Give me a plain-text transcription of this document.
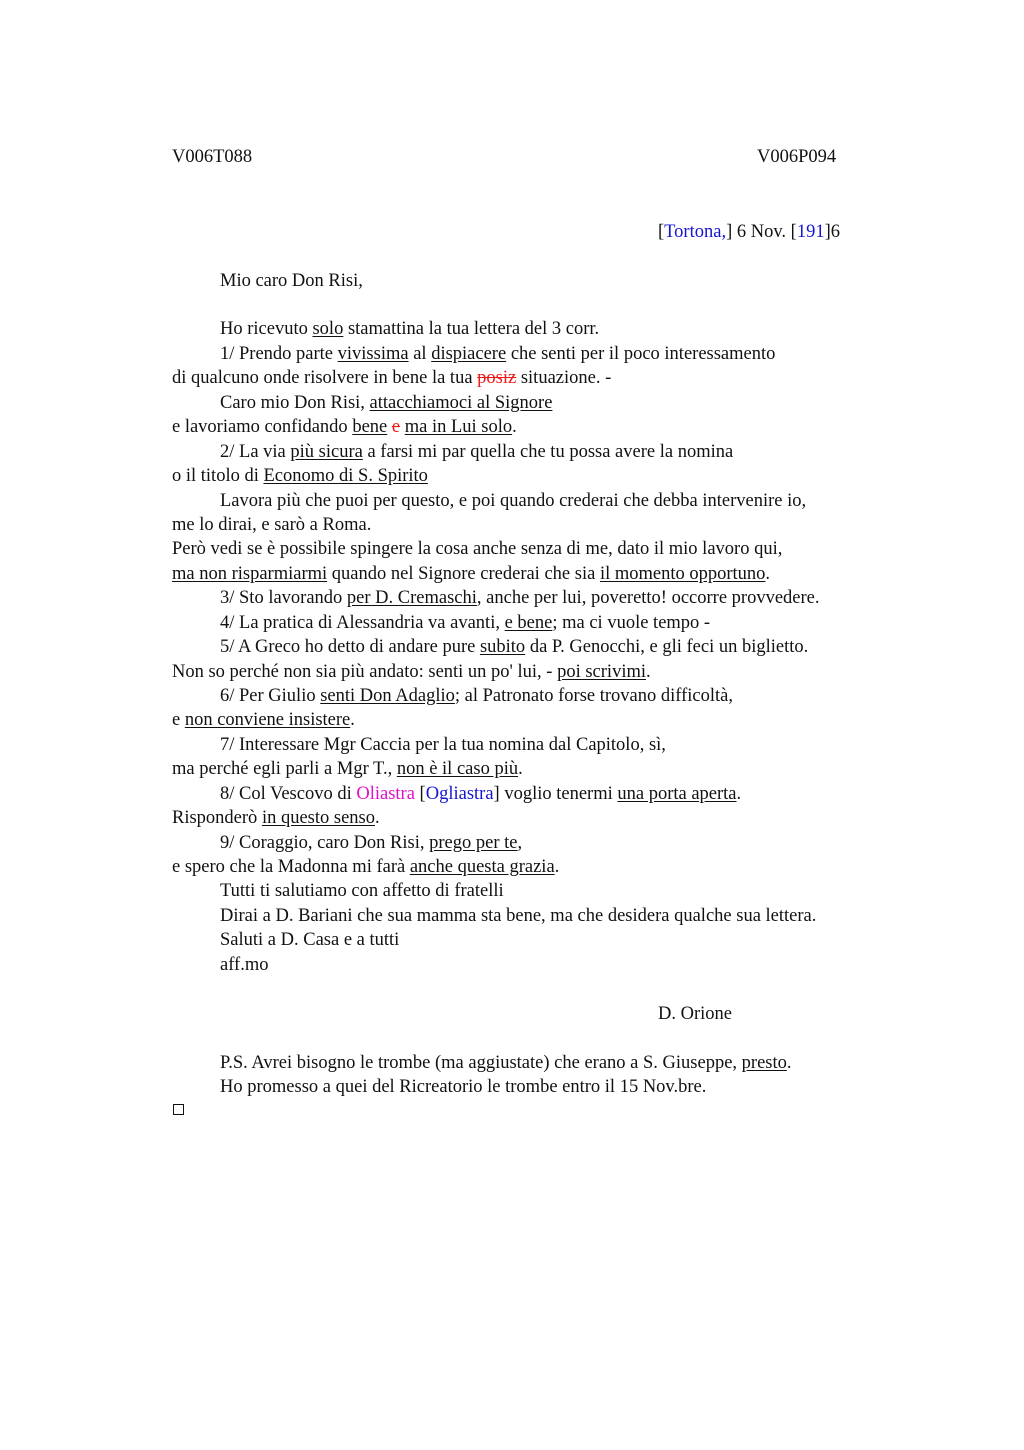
V006T088	V006P094
[Tortona,] 6 Nov. [191]6
Mio caro Don Risi,
Ho ricevuto solo stamattina la tua lettera del 3 corr.
1/ Prendo parte vivissima al dispiacere che senti per il poco interessamento
di qualcuno onde risolvere in bene la tua posiz situazione. -
Caro mio Don Risi, attacchiamoci al Signore
e lavoriamo confidando bene e ma in Lui solo.
2/ La via più sicura a farsi mi par quella che tu possa avere la nomina
o il titolo di Economo di S. Spirito
Lavora più che puoi per questo, e poi quando crederai che debba intervenire io,
me lo dirai, e sarò a Roma.
Però vedi se è possibile spingere la cosa anche senza di me, dato il mio lavoro qui,
ma non risparmiarmi quando nel Signore crederai che sia il momento opportuno.
3/ Sto lavorando per D. Cremaschi, anche per lui, poveretto! occorre provvedere.
4/ La pratica di Alessandria va avanti, e bene; ma ci vuole tempo -
5/ A Greco ho detto di andare pure subito da P. Genocchi, e gli feci un biglietto.
Non so perché non sia più andato: senti un po' lui, - poi scrivimi.
6/ Per Giulio senti Don Adaglio; al Patronato forse trovano difficoltà,
e non conviene insistere.
7/ Interessare Mgr Caccia per la tua nomina dal Capitolo, sì,
ma perché egli parli a Mgr T., non è il caso più.
8/ Col Vescovo di Oliastra [Ogliastra] voglio tenermi una porta aperta.
Risponderò in questo senso.
9/ Coraggio, caro Don Risi, prego per te,
e spero che la Madonna mi farà anche questa grazia.
Tutti ti salutiamo con affetto di fratelli
Dirai a D. Bariani che sua mamma sta bene, ma che desidera qualche sua lettera.
Saluti a D. Casa e a tutti
aff.mo
D. Orione
P.S. Avrei bisogno le trombe (ma aggiustate) che erano a S. Giuseppe, presto.
Ho promesso a quei del Ricreatorio le trombe entro il 15 Nov.bre.
